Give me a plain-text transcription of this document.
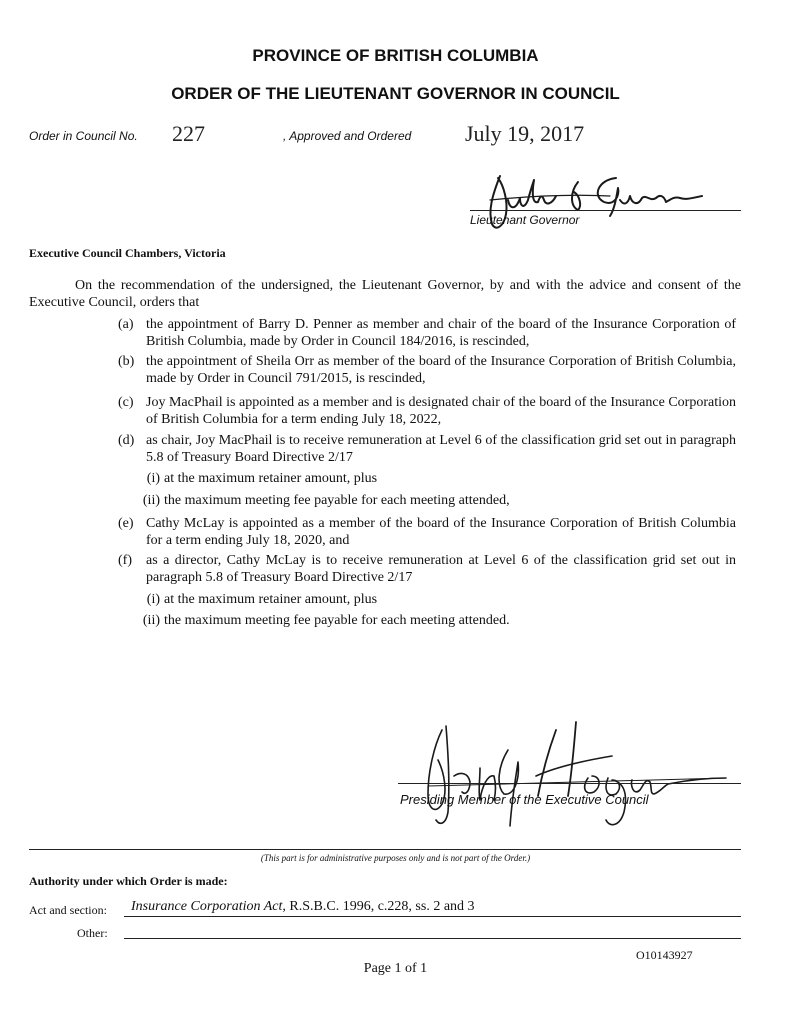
PROVINCE OF BRITISH COLUMBIA
ORDER OF THE LIEUTENANT GOVERNOR IN COUNCIL
Order in Council No. 227	, Approved and Ordered July 19, 2017
Lieutenant Governor
Executive Council Chambers, Victoria
On the recommendation of the undersigned, the Lieutenant Governor, by and with the advice and consent of the Executive Council, orders that
(a) the appointment of Barry D. Penner as member and chair of the board of the Insurance Corporation of British Columbia, made by Order in Council 184/2016, is rescinded,
(b) the appointment of Sheila Orr as member of the board of the Insurance Corporation of British Columbia, made by Order in Council 791/2015, is rescinded,
(c) Joy MacPhail is appointed as a member and is designated chair of the board of the Insurance Corporation of British Columbia for a term ending July 18, 2022,
(d) as chair, Joy MacPhail is to receive remuneration at Level 6 of the classification grid set out in paragraph 5.8 of Treasury Board Directive 2/17
(i) at the maximum retainer amount, plus
(ii) the maximum meeting fee payable for each meeting attended,
(e) Cathy McLay is appointed as a member of the board of the Insurance Corporation of British Columbia for a term ending July 18, 2020, and
(f) as a director, Cathy McLay is to receive remuneration at Level 6 of the classification grid set out in paragraph 5.8 of Treasury Board Directive 2/17
(i) at the maximum retainer amount, plus
(ii) the maximum meeting fee payable for each meeting attended.
Presiding Member of the Executive Council
(This part is for administrative purposes only and is not part of the Order.)
Authority under which Order is made:
Act and section: Insurance Corporation Act, R.S.B.C. 1996, c.228, ss. 2 and 3
Other:
O10143927
Page 1 of 1
